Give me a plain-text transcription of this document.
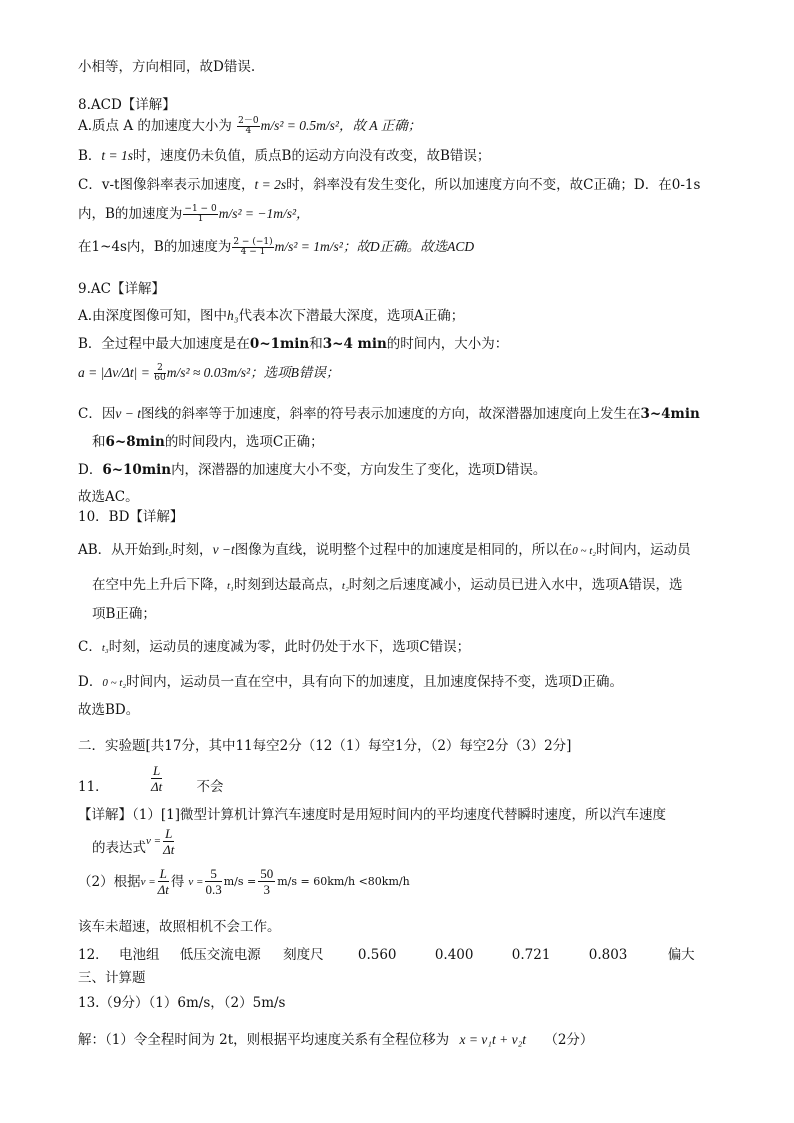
小相等，方向相同，故D错误.
8.ACD【详解】
A.质点 A 的加速度大小为 $\frac{2-0}{4} m/s^2 = 0.5m/s^2$，故 A 正确；
B．t = 1s时，速度仍未负值，质点B的运动方向没有改变，故B错误；
C．v-t图像斜率表示加速度，t = 2s时，斜率没有发生变化，所以加速度方向不变，故C正确；D．在0-1s
内，B的加速度为 $\frac{-1 - 0}{1} m/s^2 = -1m/s^2$，
在1~4s内，B的加速度为 $\frac{2 - (-1)}{4 - 1} m/s^2 = 1m/s^2$；故D正确。故选ACD
9.AC【详解】
A.由深度图像可知，图中h₃代表本次下潜最大深度，选项A正确；
B．全过程中最大加速度是在0~1min和3~4 min的时间内，大小为：
$a = |\Delta v/\Delta t| = \frac{2}{60} m/s^2 \approx 0.03m/s^2$；选项B错误；
C．因v − t图线的斜率等于加速度，斜率的符号表示加速度的方向，故深潜器加速度向上发生在3~4min
和6~8min的时间段内，选项C正确；
D．6~10min内，深潜器的加速度大小不变，方向发生了变化，选项D错误。
故选AC。
10．BD【详解】
AB．从开始到t₂时刻，v −t图像为直线，说明整个过程中的加速度是相同的，所以在0 ~ t₂时间内，运动员
在空中先上升后下降，t₁时刻到达最高点，t₂时刻之后速度减小，运动员已进入水中，选项A错误，选
项B正确；
C．t₃时刻，运动员的速度减为零，此时仍处于水下，选项C错误；
D．0 ~ t₂时间内，运动员一直在空中，具有向下的加速度，且加速度保持不变，选项D正确。
故选BD。
二．实验题[共17分，其中11每空2分（12（1）每空1分，（2）每空2分（3）2分]
11．	$\frac{L}{\Delta t}$	不会
【详解】（1）[1]微型计算机计算汽车速度时是用短时间内的平均速度代替瞬时速度，所以汽车速度
的表达式$v = \frac{L}{\Delta t}$
（2）根据$v = \frac{L}{\Delta t}$ 得 $v = \frac{5}{0.3} m/s = \frac{50}{3} m/s = 60km/h <80km/h$
该车未超速，故照相机不会工作。
12． 电池组 低压交流电源 刻度尺	0.560	0.400	0.721	0.803	偏大
三、计算题
13.（9分）（1）6m/s，（2）5m/s
解：（1）令全程时间为 2t，则根据平均速度关系有全程位移为 x = v₁t + v₂t （2分）
